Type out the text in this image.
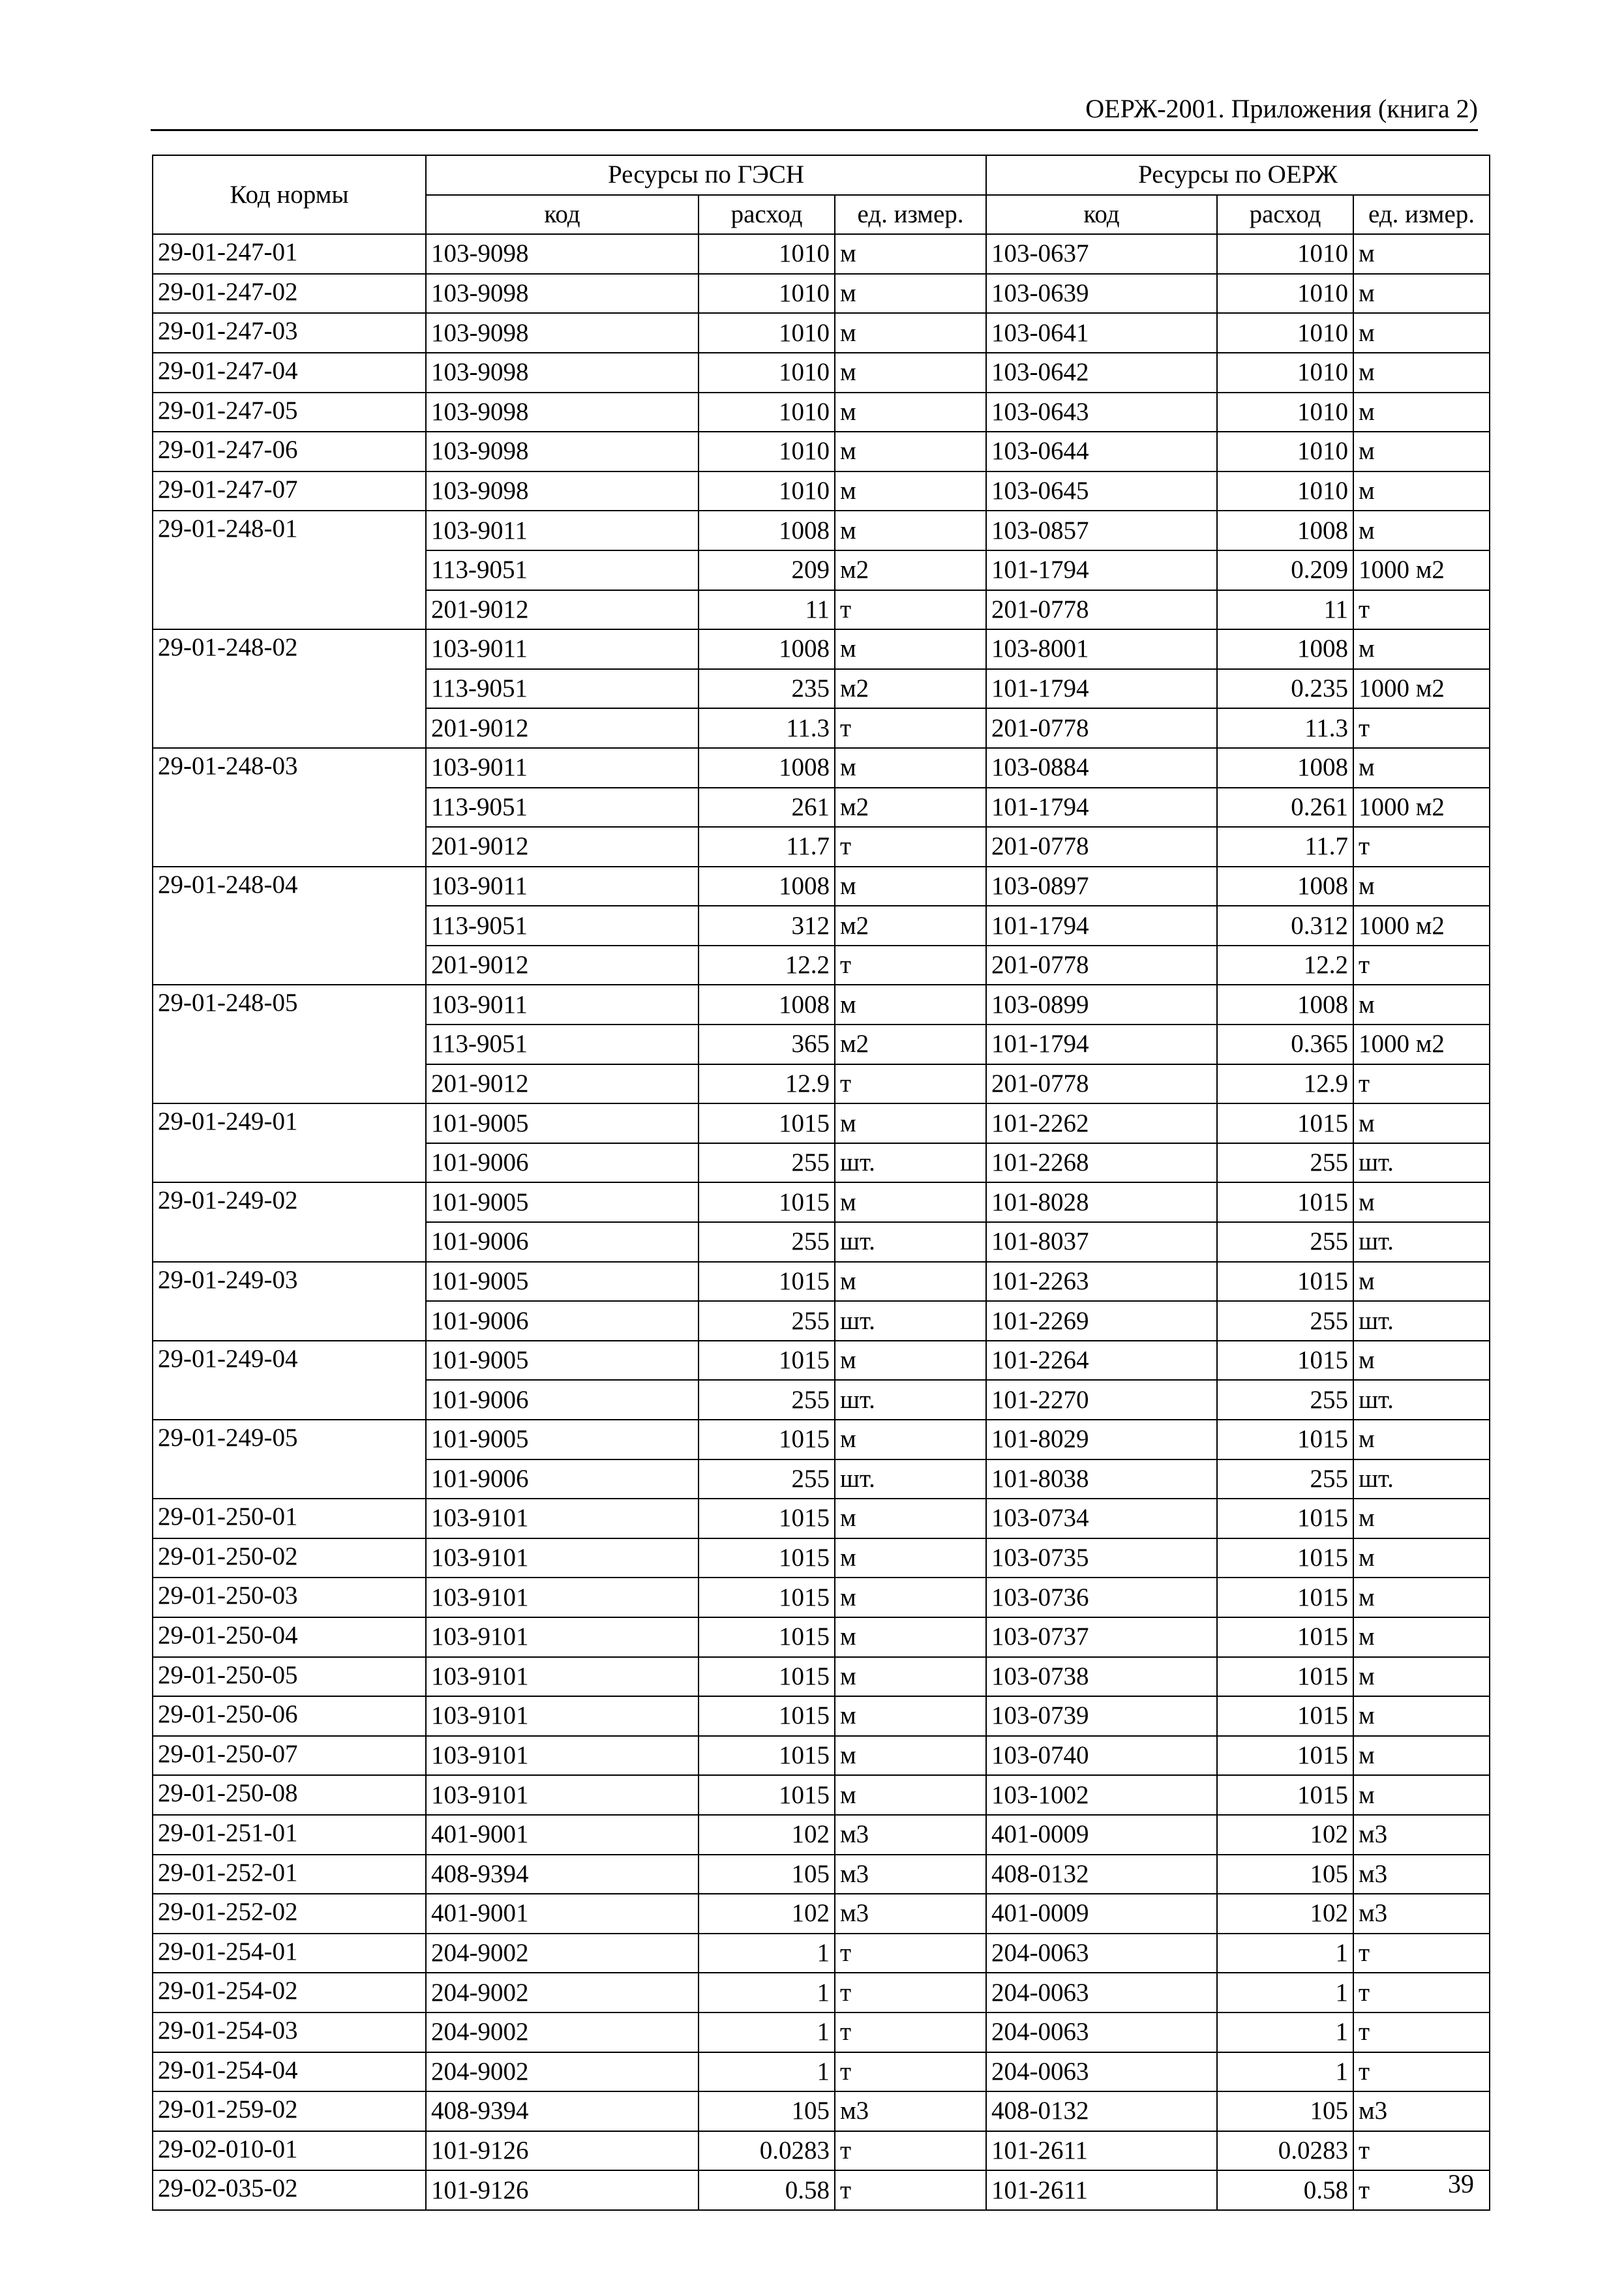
ОЕРЖ-2001. Приложения (книга 2)
Код нормы	Ресурсы по ГЭСН			Ресурсы по ОЕРЖ		
	код	расход	ед. измер.	код	расход	ед. измер.
29-01-247-01	103-9098	1010	м	103-0637	1010	м
29-01-247-02	103-9098	1010	м	103-0639	1010	м
29-01-247-03	103-9098	1010	м	103-0641	1010	м
29-01-247-04	103-9098	1010	м	103-0642	1010	м
29-01-247-05	103-9098	1010	м	103-0643	1010	м
29-01-247-06	103-9098	1010	м	103-0644	1010	м
29-01-247-07	103-9098	1010	м	103-0645	1010	м
29-01-248-01	103-9011	1008	м	103-0857	1008	м
	113-9051	209	м2	101-1794	0.209	1000 м2
	201-9012	11	т	201-0778	11	т
29-01-248-02	103-9011	1008	м	103-8001	1008	м
	113-9051	235	м2	101-1794	0.235	1000 м2
	201-9012	11.3	т	201-0778	11.3	т
29-01-248-03	103-9011	1008	м	103-0884	1008	м
	113-9051	261	м2	101-1794	0.261	1000 м2
	201-9012	11.7	т	201-0778	11.7	т
29-01-248-04	103-9011	1008	м	103-0897	1008	м
	113-9051	312	м2	101-1794	0.312	1000 м2
	201-9012	12.2	т	201-0778	12.2	т
29-01-248-05	103-9011	1008	м	103-0899	1008	м
	113-9051	365	м2	101-1794	0.365	1000 м2
	201-9012	12.9	т	201-0778	12.9	т
29-01-249-01	101-9005	1015	м	101-2262	1015	м
	101-9006	255	шт.	101-2268	255	шт.
29-01-249-02	101-9005	1015	м	101-8028	1015	м
	101-9006	255	шт.	101-8037	255	шт.
29-01-249-03	101-9005	1015	м	101-2263	1015	м
	101-9006	255	шт.	101-2269	255	шт.
29-01-249-04	101-9005	1015	м	101-2264	1015	м
	101-9006	255	шт.	101-2270	255	шт.
29-01-249-05	101-9005	1015	м	101-8029	1015	м
	101-9006	255	шт.	101-8038	255	шт.
29-01-250-01	103-9101	1015	м	103-0734	1015	м
29-01-250-02	103-9101	1015	м	103-0735	1015	м
29-01-250-03	103-9101	1015	м	103-0736	1015	м
29-01-250-04	103-9101	1015	м	103-0737	1015	м
29-01-250-05	103-9101	1015	м	103-0738	1015	м
29-01-250-06	103-9101	1015	м	103-0739	1015	м
29-01-250-07	103-9101	1015	м	103-0740	1015	м
29-01-250-08	103-9101	1015	м	103-1002	1015	м
29-01-251-01	401-9001	102	м3	401-0009	102	м3
29-01-252-01	408-9394	105	м3	408-0132	105	м3
29-01-252-02	401-9001	102	м3	401-0009	102	м3
29-01-254-01	204-9002	1	т	204-0063	1	т
29-01-254-02	204-9002	1	т	204-0063	1	т
29-01-254-03	204-9002	1	т	204-0063	1	т
29-01-254-04	204-9002	1	т	204-0063	1	т
29-01-259-02	408-9394	105	м3	408-0132	105	м3
29-02-010-01	101-9126	0.0283	т	101-2611	0.0283	т
29-02-035-02	101-9126	0.58	т	101-2611	0.58	т	39
